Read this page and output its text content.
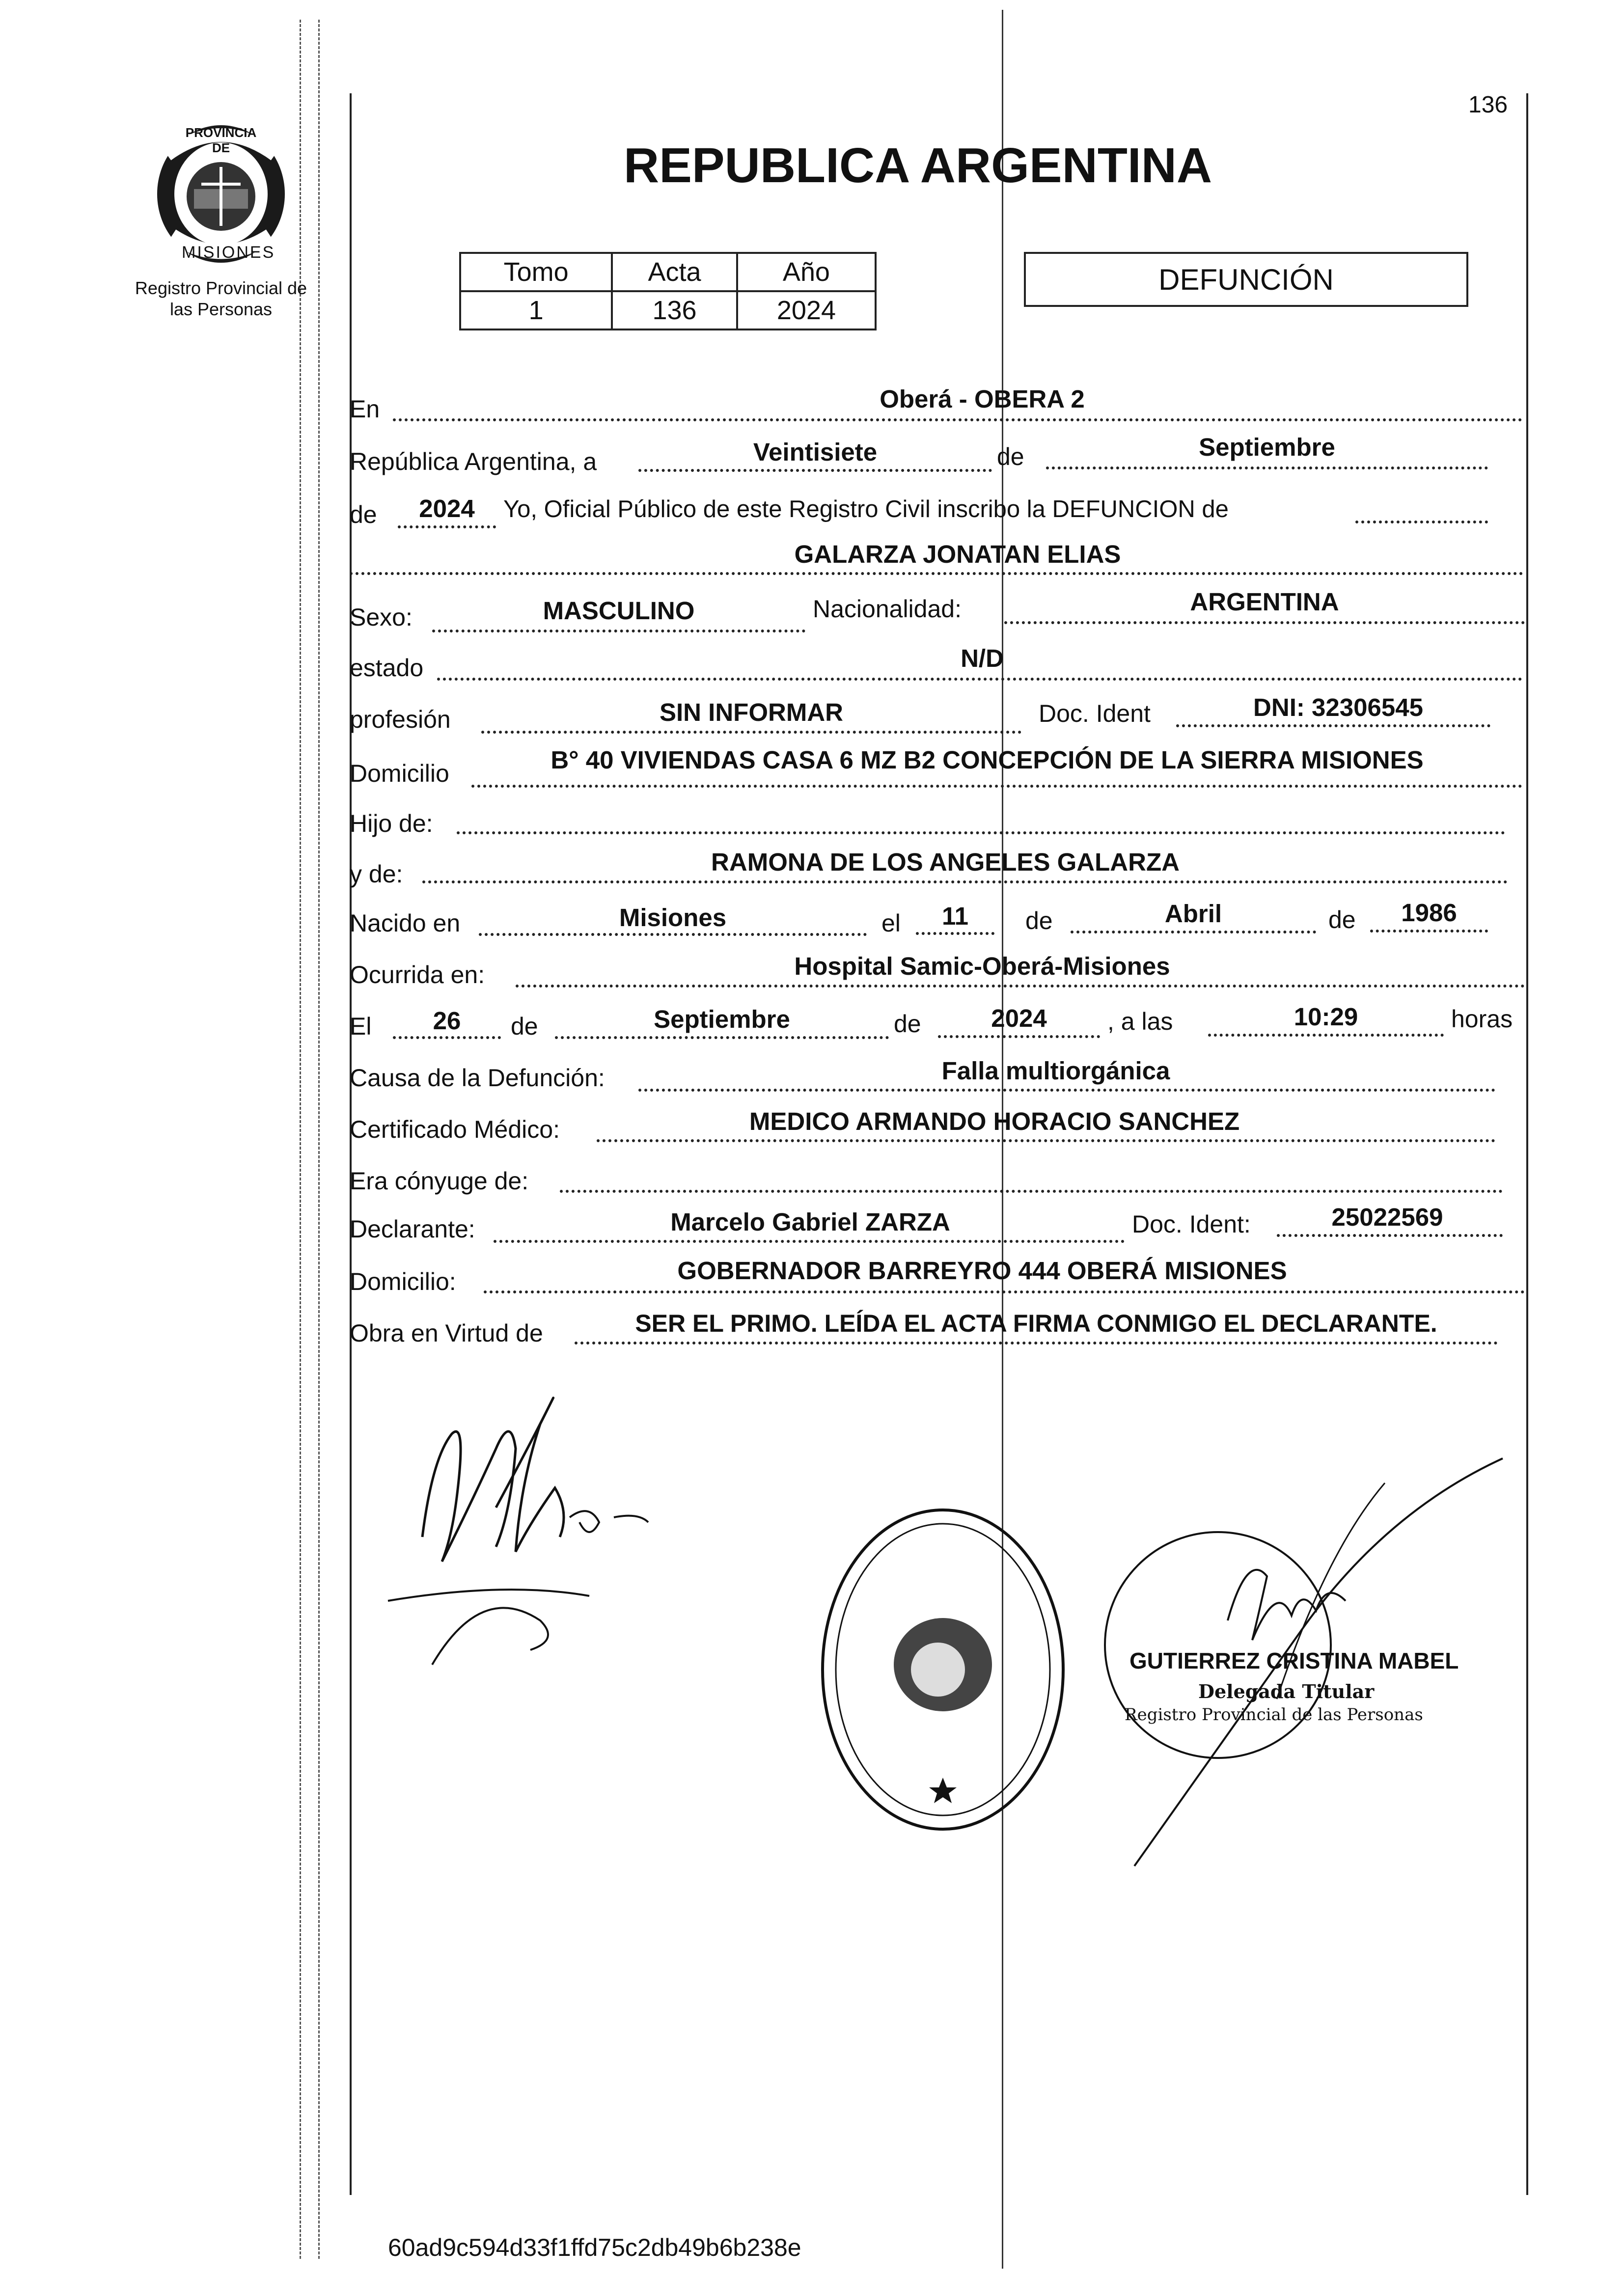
136
PROVINCIA DE
MISIONES
Registro Provincial de
las Personas
REPUBLICA ARGENTINA
Tomo	Acta	Año
1	136	2024
DEFUNCIÓN
En	Oberá - OBERA 2
República Argentina, a	Veintisiete	de	Septiembre
de	2024	Yo, Oficial Público de este Registro Civil inscribo la DEFUNCION de
GALARZA JONATAN ELIAS
Sexo:	MASCULINO	Nacionalidad:	ARGENTINA
estado	N/D
profesión	SIN INFORMAR	Doc. Ident	DNI: 32306545
Domicilio	B° 40 VIVIENDAS CASA 6 MZ B2 CONCEPCIÓN DE LA SIERRA MISIONES
Hijo de:
y de:	RAMONA DE LOS ANGELES GALARZA
Nacido en	Misiones	el	11	de	Abril	de	1986
Ocurrida en:	Hospital Samic-Oberá-Misiones
El	26	de	Septiembre	de	2024	, a las	10:29	horas
Causa de la Defunción:	Falla multiorgánica
Certificado Médico:	MEDICO ARMANDO HORACIO SANCHEZ
Era cónyuge de:
Declarante:	Marcelo Gabriel ZARZA	Doc. Ident:	25022569
Domicilio:	GOBERNADOR BARREYRO 444 OBERÁ MISIONES
Obra en Virtud de	SER EL PRIMO. LEÍDA EL ACTA FIRMA CONMIGO EL DECLARANTE.
GUTIERREZ CRISTINA MABEL
Delegada Titular
Registro Provincial de las Personas
60ad9c594d33f1ffd75c2db49b6b238e
